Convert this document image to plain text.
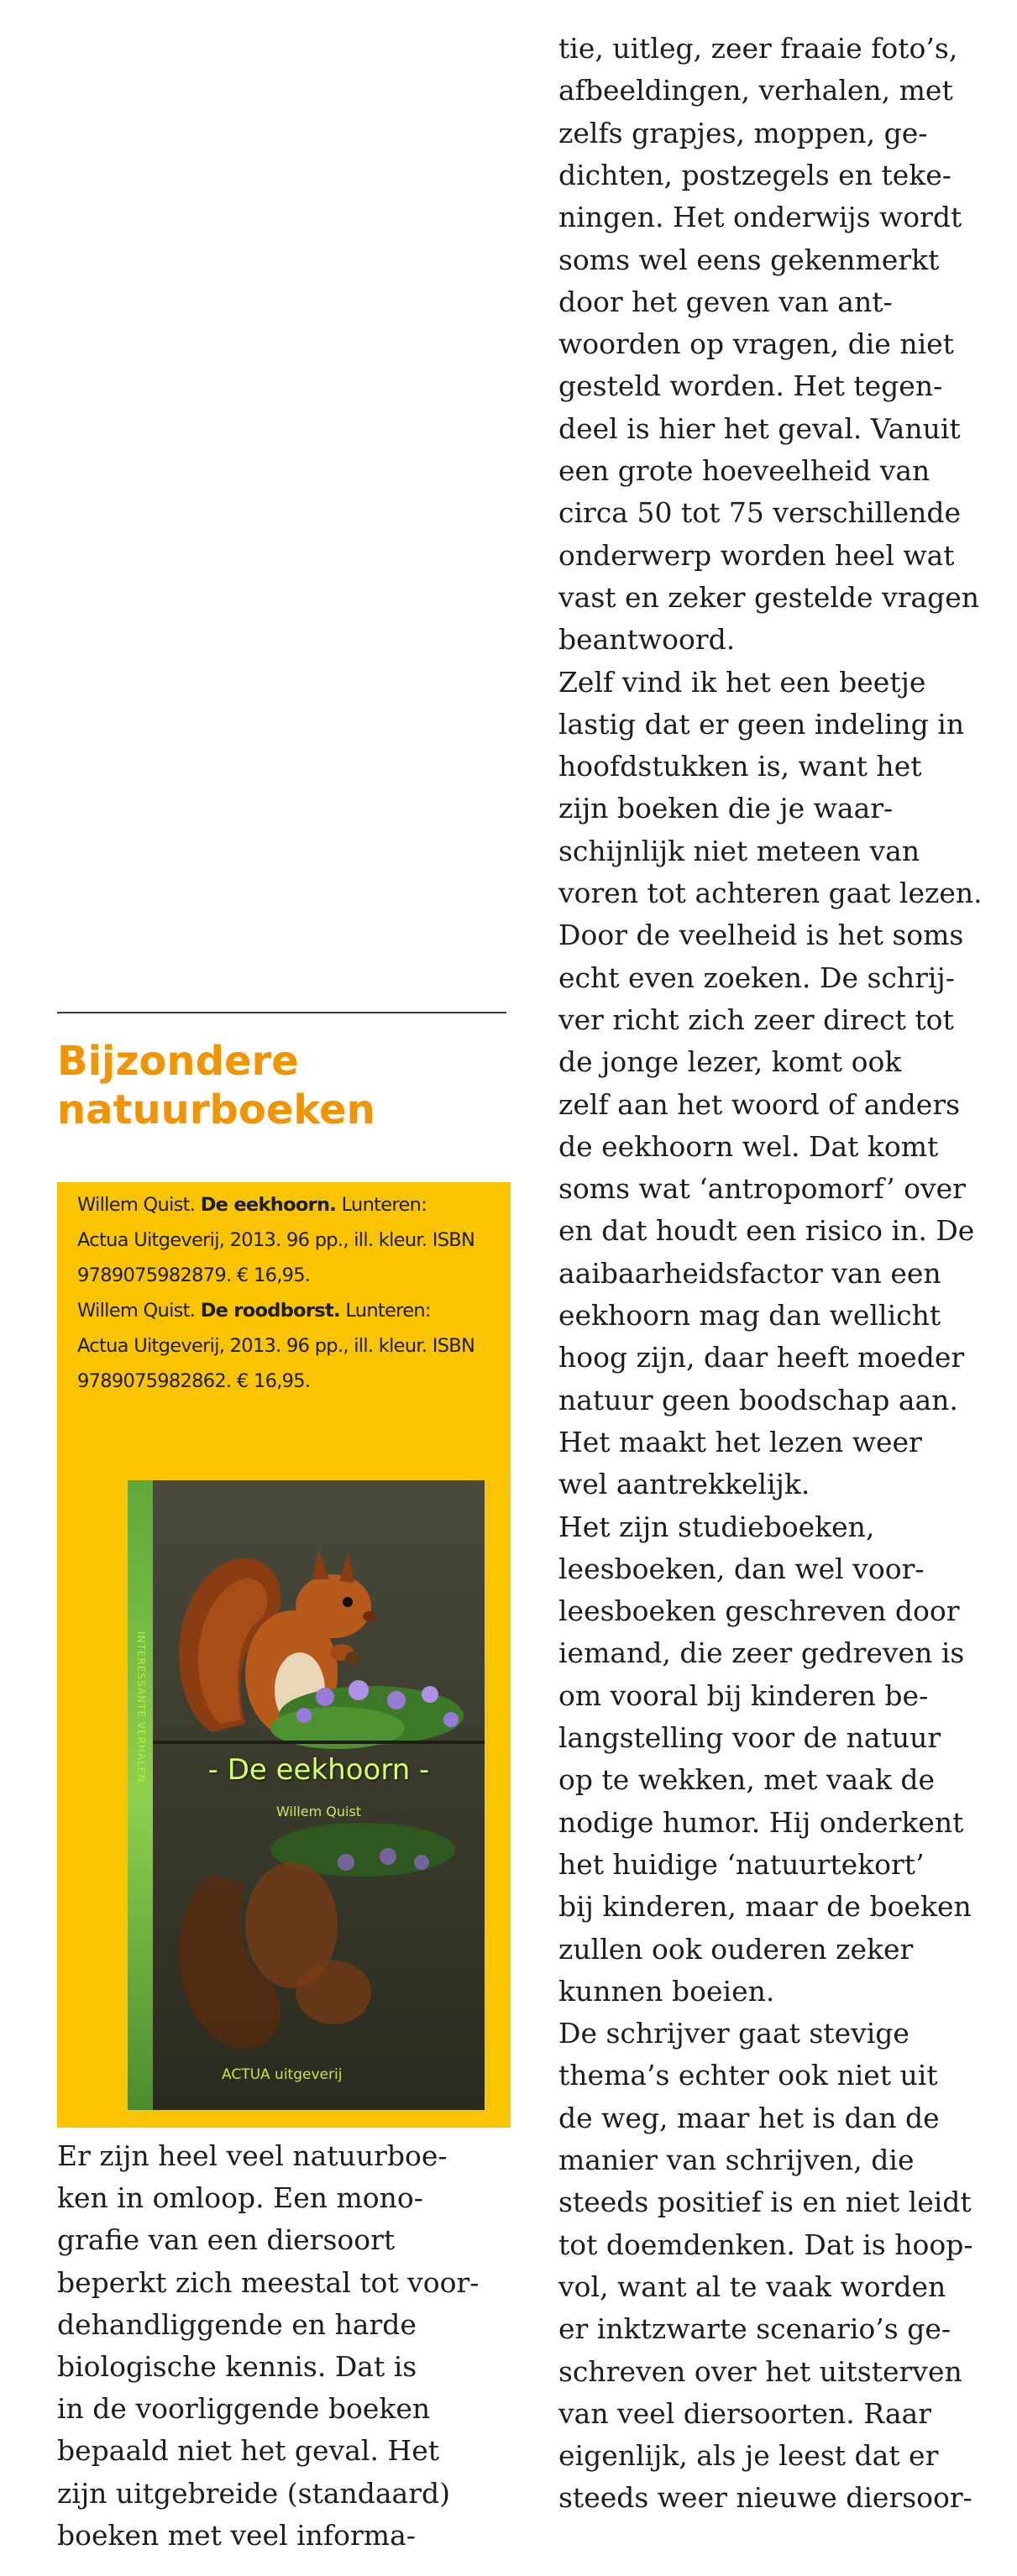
Bijzondere
natuurboeken
Willem Quist. De eekhoorn. Lunteren:
Actua Uitgeverij, 2013. 96 pp., ill. kleur. ISBN
9789075982879. € 16,95.
Willem Quist. De roodborst. Lunteren:
Actua Uitgeverij, 2013. 96 pp., ill. kleur. ISBN
9789075982862. € 16,95.
INTERESSANTE VERHALEN	- De eekhoorn -
Willem Quist
ACTUA uitgeverij
Er zijn heel veel natuurboe-
ken in omloop. Een mono-
grafie van een diersoort
beperkt zich meestal tot voor-
dehandliggende en harde
biologische kennis. Dat is
in de voorliggende boeken
bepaald niet het geval. Het
zijn uitgebreide (standaard)
boeken met veel informa-
tie, uitleg, zeer fraaie foto’s,
afbeeldingen, verhalen, met
zelfs grapjes, moppen, ge-
dichten, postzegels en teke-
ningen. Het onderwijs wordt
soms wel eens gekenmerkt
door het geven van ant-
woorden op vragen, die niet
gesteld worden. Het tegen-
deel is hier het geval. Vanuit
een grote hoeveelheid van
circa 50 tot 75 verschillende
onderwerp worden heel wat
vast en zeker gestelde vragen
beantwoord.
Zelf vind ik het een beetje
lastig dat er geen indeling in
hoofdstukken is, want het
zijn boeken die je waar-
schijnlijk niet meteen van
voren tot achteren gaat lezen.
Door de veelheid is het soms
echt even zoeken. De schrij-
ver richt zich zeer direct tot
de jonge lezer, komt ook
zelf aan het woord of anders
de eekhoorn wel. Dat komt
soms wat ‘antropomorf’ over
en dat houdt een risico in. De
aaibaarheidsfactor van een
eekhoorn mag dan wellicht
hoog zijn, daar heeft moeder
natuur geen boodschap aan.
Het maakt het lezen weer
wel aantrekkelijk.
Het zijn studieboeken,
leesboeken, dan wel voor-
leesboeken geschreven door
iemand, die zeer gedreven is
om vooral bij kinderen be-
langstelling voor de natuur
op te wekken, met vaak de
nodige humor. Hij onderkent
het huidige ‘natuurtekort’
bij kinderen, maar de boeken
zullen ook ouderen zeker
kunnen boeien.
De schrijver gaat stevige
thema’s echter ook niet uit
de weg, maar het is dan de
manier van schrijven, die
steeds positief is en niet leidt
tot doemdenken. Dat is hoop-
vol, want al te vaak worden
er inktzwarte scenario’s ge-
schreven over het uitsterven
van veel diersoorten. Raar
eigenlijk, als je leest dat er
steeds weer nieuwe diersoor-
